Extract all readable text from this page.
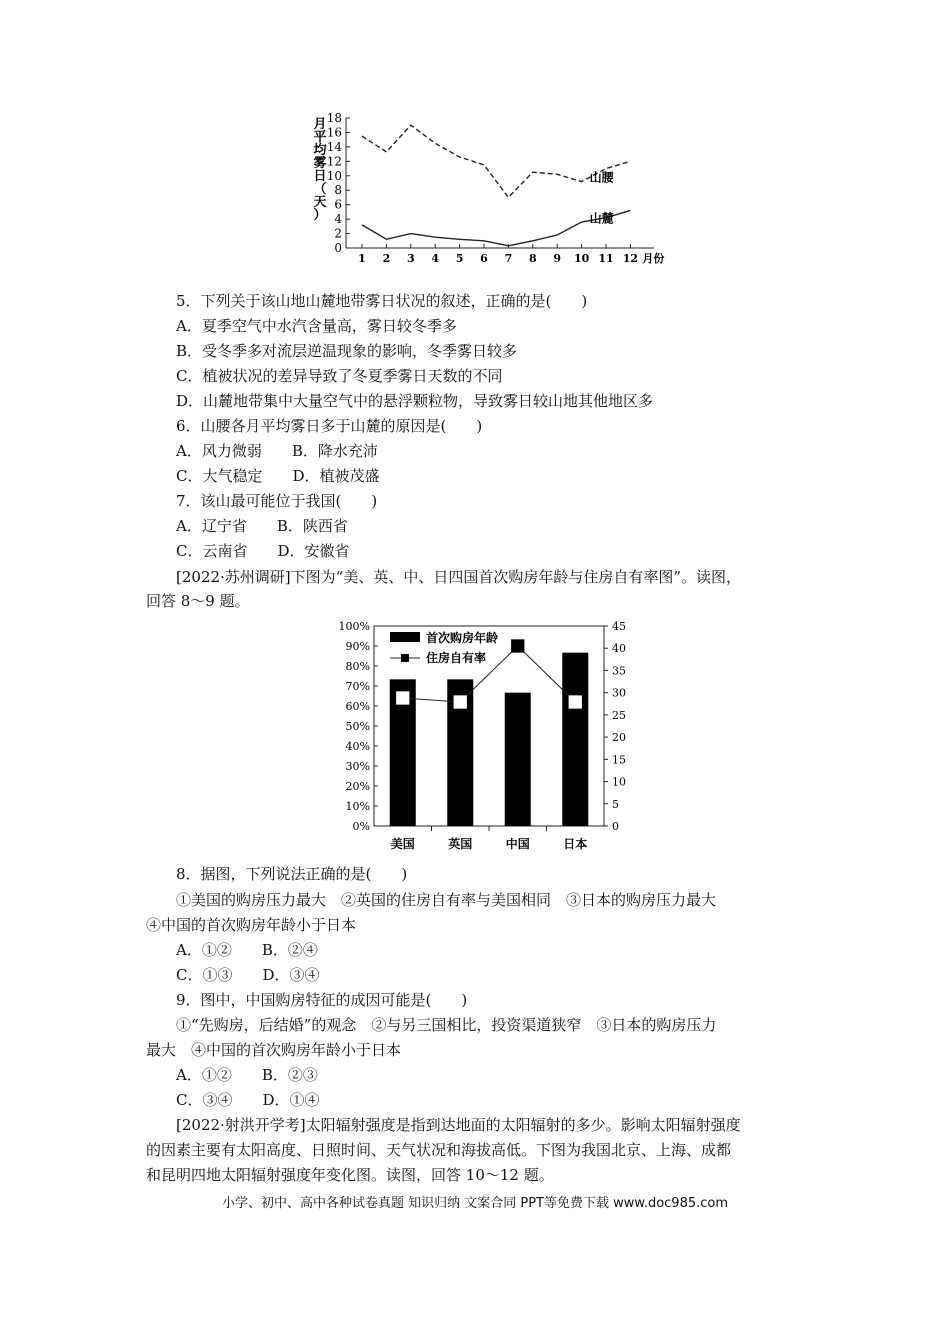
月
平
均
雾
日
（
天
）
0
2
4
6
8
10
12
14
16
18
1 2 3 4 5 6 7 8 9 10 11 12 月份
山腰
山麓
100%
90%
80%
70%
60%
50%
40%
30%
20%
10%
0%
45
40
35
30
25
20
15
10
5
0
美国	英国	中国	日本
首次购房年龄
住房自有率
5．下列关于该山地山麓地带雾日状况的叙述，正确的是(　　)
A．夏季空气中水汽含量高，雾日较冬季多
B．受冬季多对流层逆温现象的影响，冬季雾日较多
C．植被状况的差异导致了冬夏季雾日天数的不同
D．山麓地带集中大量空气中的悬浮颗粒物，导致雾日较山地其他地区多
6．山腰各月平均雾日多于山麓的原因是(　　)
A．风力微弱　　B．降水充沛
C．大气稳定　　D．植被茂盛
7．该山最可能位于我国(　　)
A．辽宁省　　B．陕西省
C．云南省　　D．安徽省
[2022·苏州调研]下图为“美、英、中、日四国首次购房年龄与住房自有率图”。读图，
回答 8～9 题。
8．据图，下列说法正确的是(　　)
①美国的购房压力最大　②英国的住房自有率与美国相同　③日本的购房压力最大
④中国的首次购房年龄小于日本
A．①②　　B．②④
C．①③　　D．③④
9．图中，中国购房特征的成因可能是(　　)
①“先购房，后结婚”的观念　②与另三国相比，投资渠道狭窄　③日本的购房压力
最大　④中国的首次购房年龄小于日本
A．①②　　B．②③
C．③④　　D．①④
[2022·射洪开学考]太阳辐射强度是指到达地面的太阳辐射的多少。影响太阳辐射强度
的因素主要有太阳高度、日照时间、天气状况和海拔高低。下图为我国北京、上海、成都
和昆明四地太阳辐射强度年变化图。读图，回答 10～12 题。
小学、初中、高中各种试卷真题 知识归纳 文案合同 PPT等免费下载 www.doc985.com
